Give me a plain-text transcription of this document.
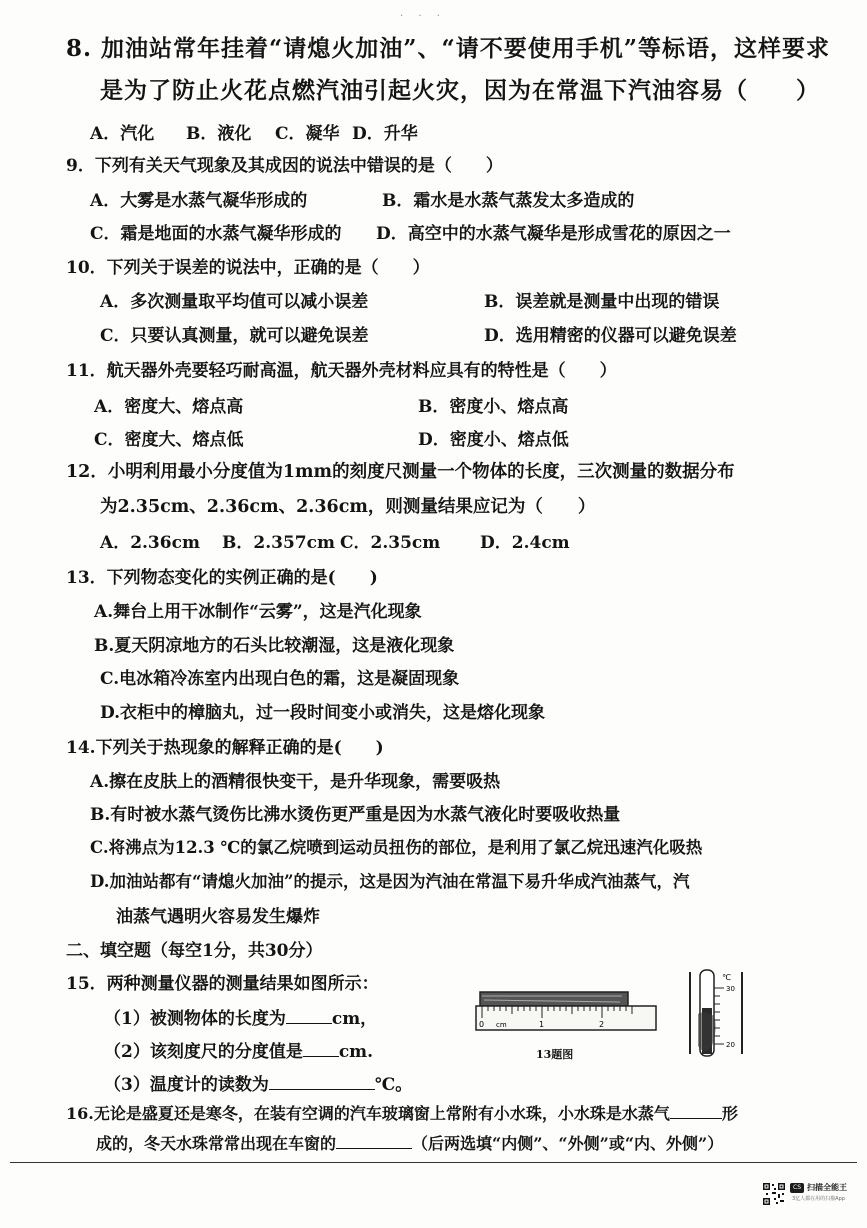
. . .
8. 加油站常年挂着“请熄火加油”、“请不要使用手机”等标语，这样要求
是为了防止火花点燃汽油引起火灾，因为在常温下汽油容易（　　）
A．汽化 B．液化 C．凝华 D．升华
9．下列有关天气现象及其成因的说法中错误的是（　　）
A．大雾是水蒸气凝华形成的	B．霜水是水蒸气蒸发太多造成的
C．霜是地面的水蒸气凝华形成的 D．高空中的水蒸气凝华是形成雪花的原因之一
10．下列关于误差的说法中，正确的是（　　）
A．多次测量取平均值可以减小误差	B．误差就是测量中出现的错误
C．只要认真测量，就可以避免误差	D．选用精密的仪器可以避免误差
11．航天器外壳要轻巧耐高温，航天器外壳材料应具有的特性是（　　）
A．密度大、熔点高	B．密度小、熔点高
C．密度大、熔点低	D．密度小、熔点低
12．小明利用最小分度值为1mm的刻度尺测量一个物体的长度，三次测量的数据分布
为2.35cm、2.36cm、2.36cm，则测量结果应记为（　　）
A．2.36cm B．2.357cm C．2.35cm D．2.4cm
13．下列物态变化的实例正确的是(　　)
A.舞台上用干冰制作“云雾”，这是汽化现象
B.夏天阴凉地方的石头比较潮湿，这是液化现象
C.电冰箱冷冻室内出现白色的霜，这是凝固现象
D.衣柜中的樟脑丸，过一段时间变小或消失，这是熔化现象
14.下列关于热现象的解释正确的是(　　)
A.擦在皮肤上的酒精很快变干，是升华现象，需要吸热
B.有时被水蒸气烫伤比沸水烫伤更严重是因为水蒸气液化时要吸收热量
C.将沸点为12.3 ℃的氯乙烷喷到运动员扭伤的部位，是利用了氯乙烷迅速汽化吸热
D.加油站都有“请熄火加油”的提示，这是因为汽油在常温下易升华成汽油蒸气，汽
油蒸气遇明火容易发生爆炸
二、填空题（每空1分，共30分）
15．两种测量仪器的测量结果如图所示：
（1）被测物体的长度为	cm，
（2）该刻度尺的分度值是 cm.
（3）温度计的读数为	℃。
0 cm	1	2
13题图
℃
30
20
16.无论是盛夏还是寒冬，在装有空调的汽车玻璃窗上常附有小水珠，小水珠是水蒸气	形
成的，冬天水珠常常出现在车窗的	（后两选填“内侧”、“外侧”或“内、外侧”）
CS 扫描全能王
3亿人都在用的扫描App
